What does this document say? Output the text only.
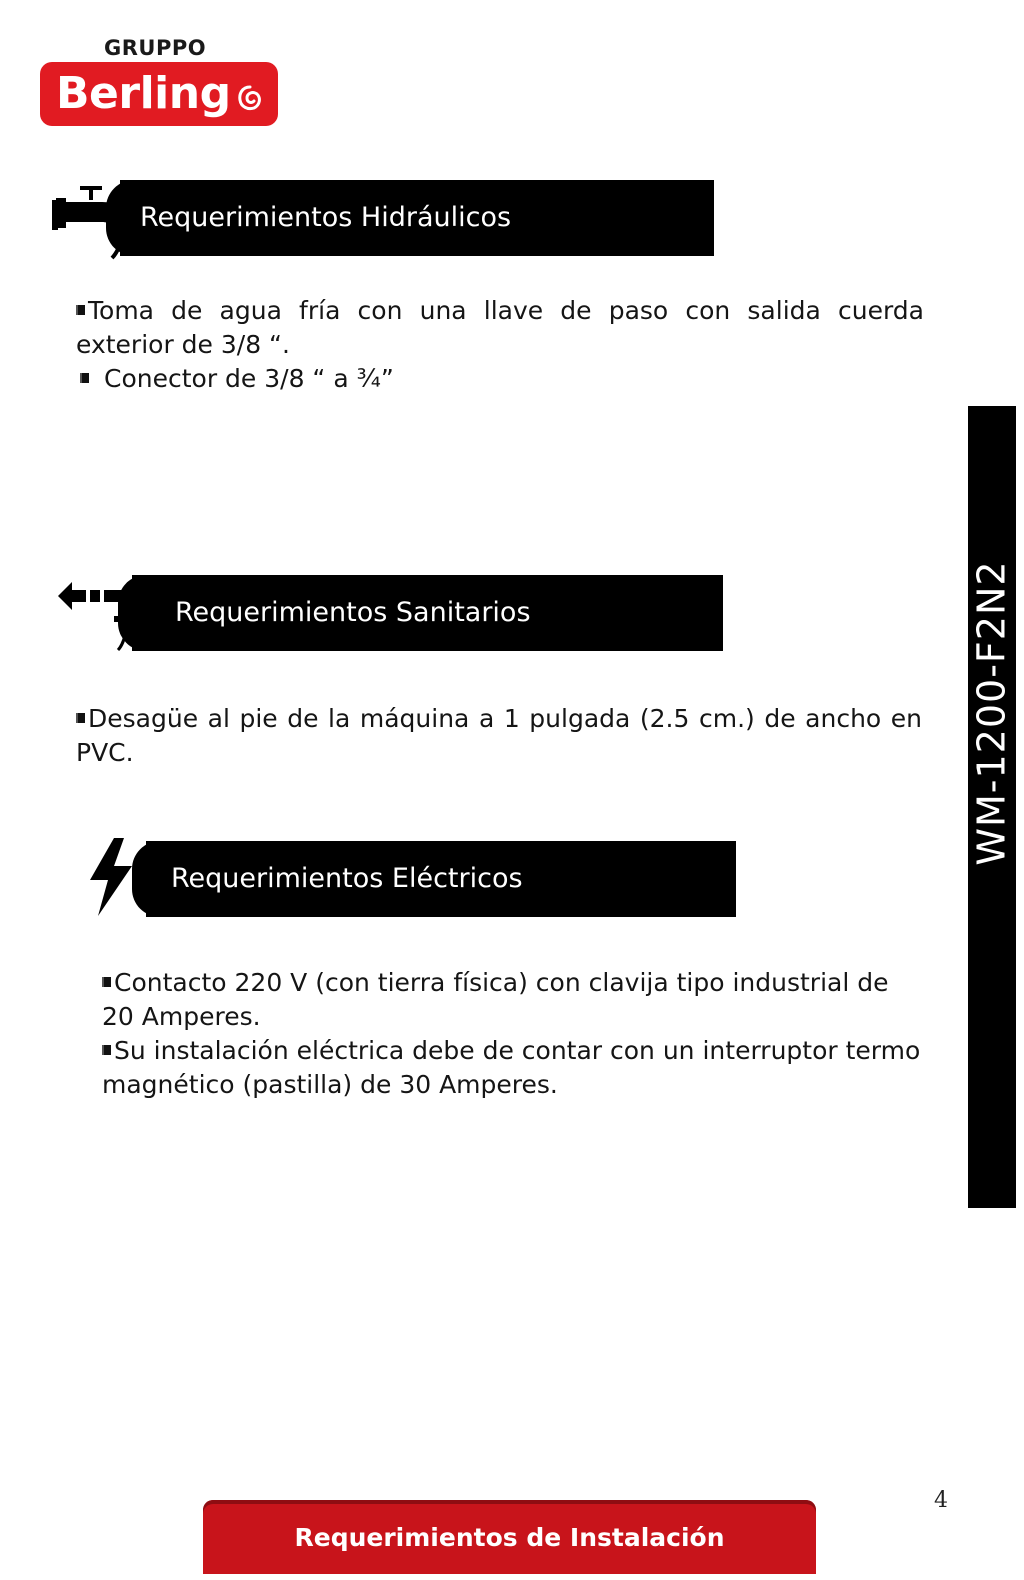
GRUPPO
Berling
Requerimientos Hidráulicos
Toma de agua fría con una llave de paso con salida cuerda exterior de 3/8 “.
Conector de 3/8 “ a ¾”
Requerimientos Sanitarios
Desagüe al pie de la máquina a 1 pulgada (2.5 cm.) de ancho en PVC.
Requerimientos Eléctricos
Contacto 220 V (con tierra física) con clavija tipo industrial de 20 Amperes.
Su instalación eléctrica debe de contar con un interruptor termo magnético (pastilla) de 30 Amperes.
WM-1200-F2N2
4
Requerimientos de Instalación
